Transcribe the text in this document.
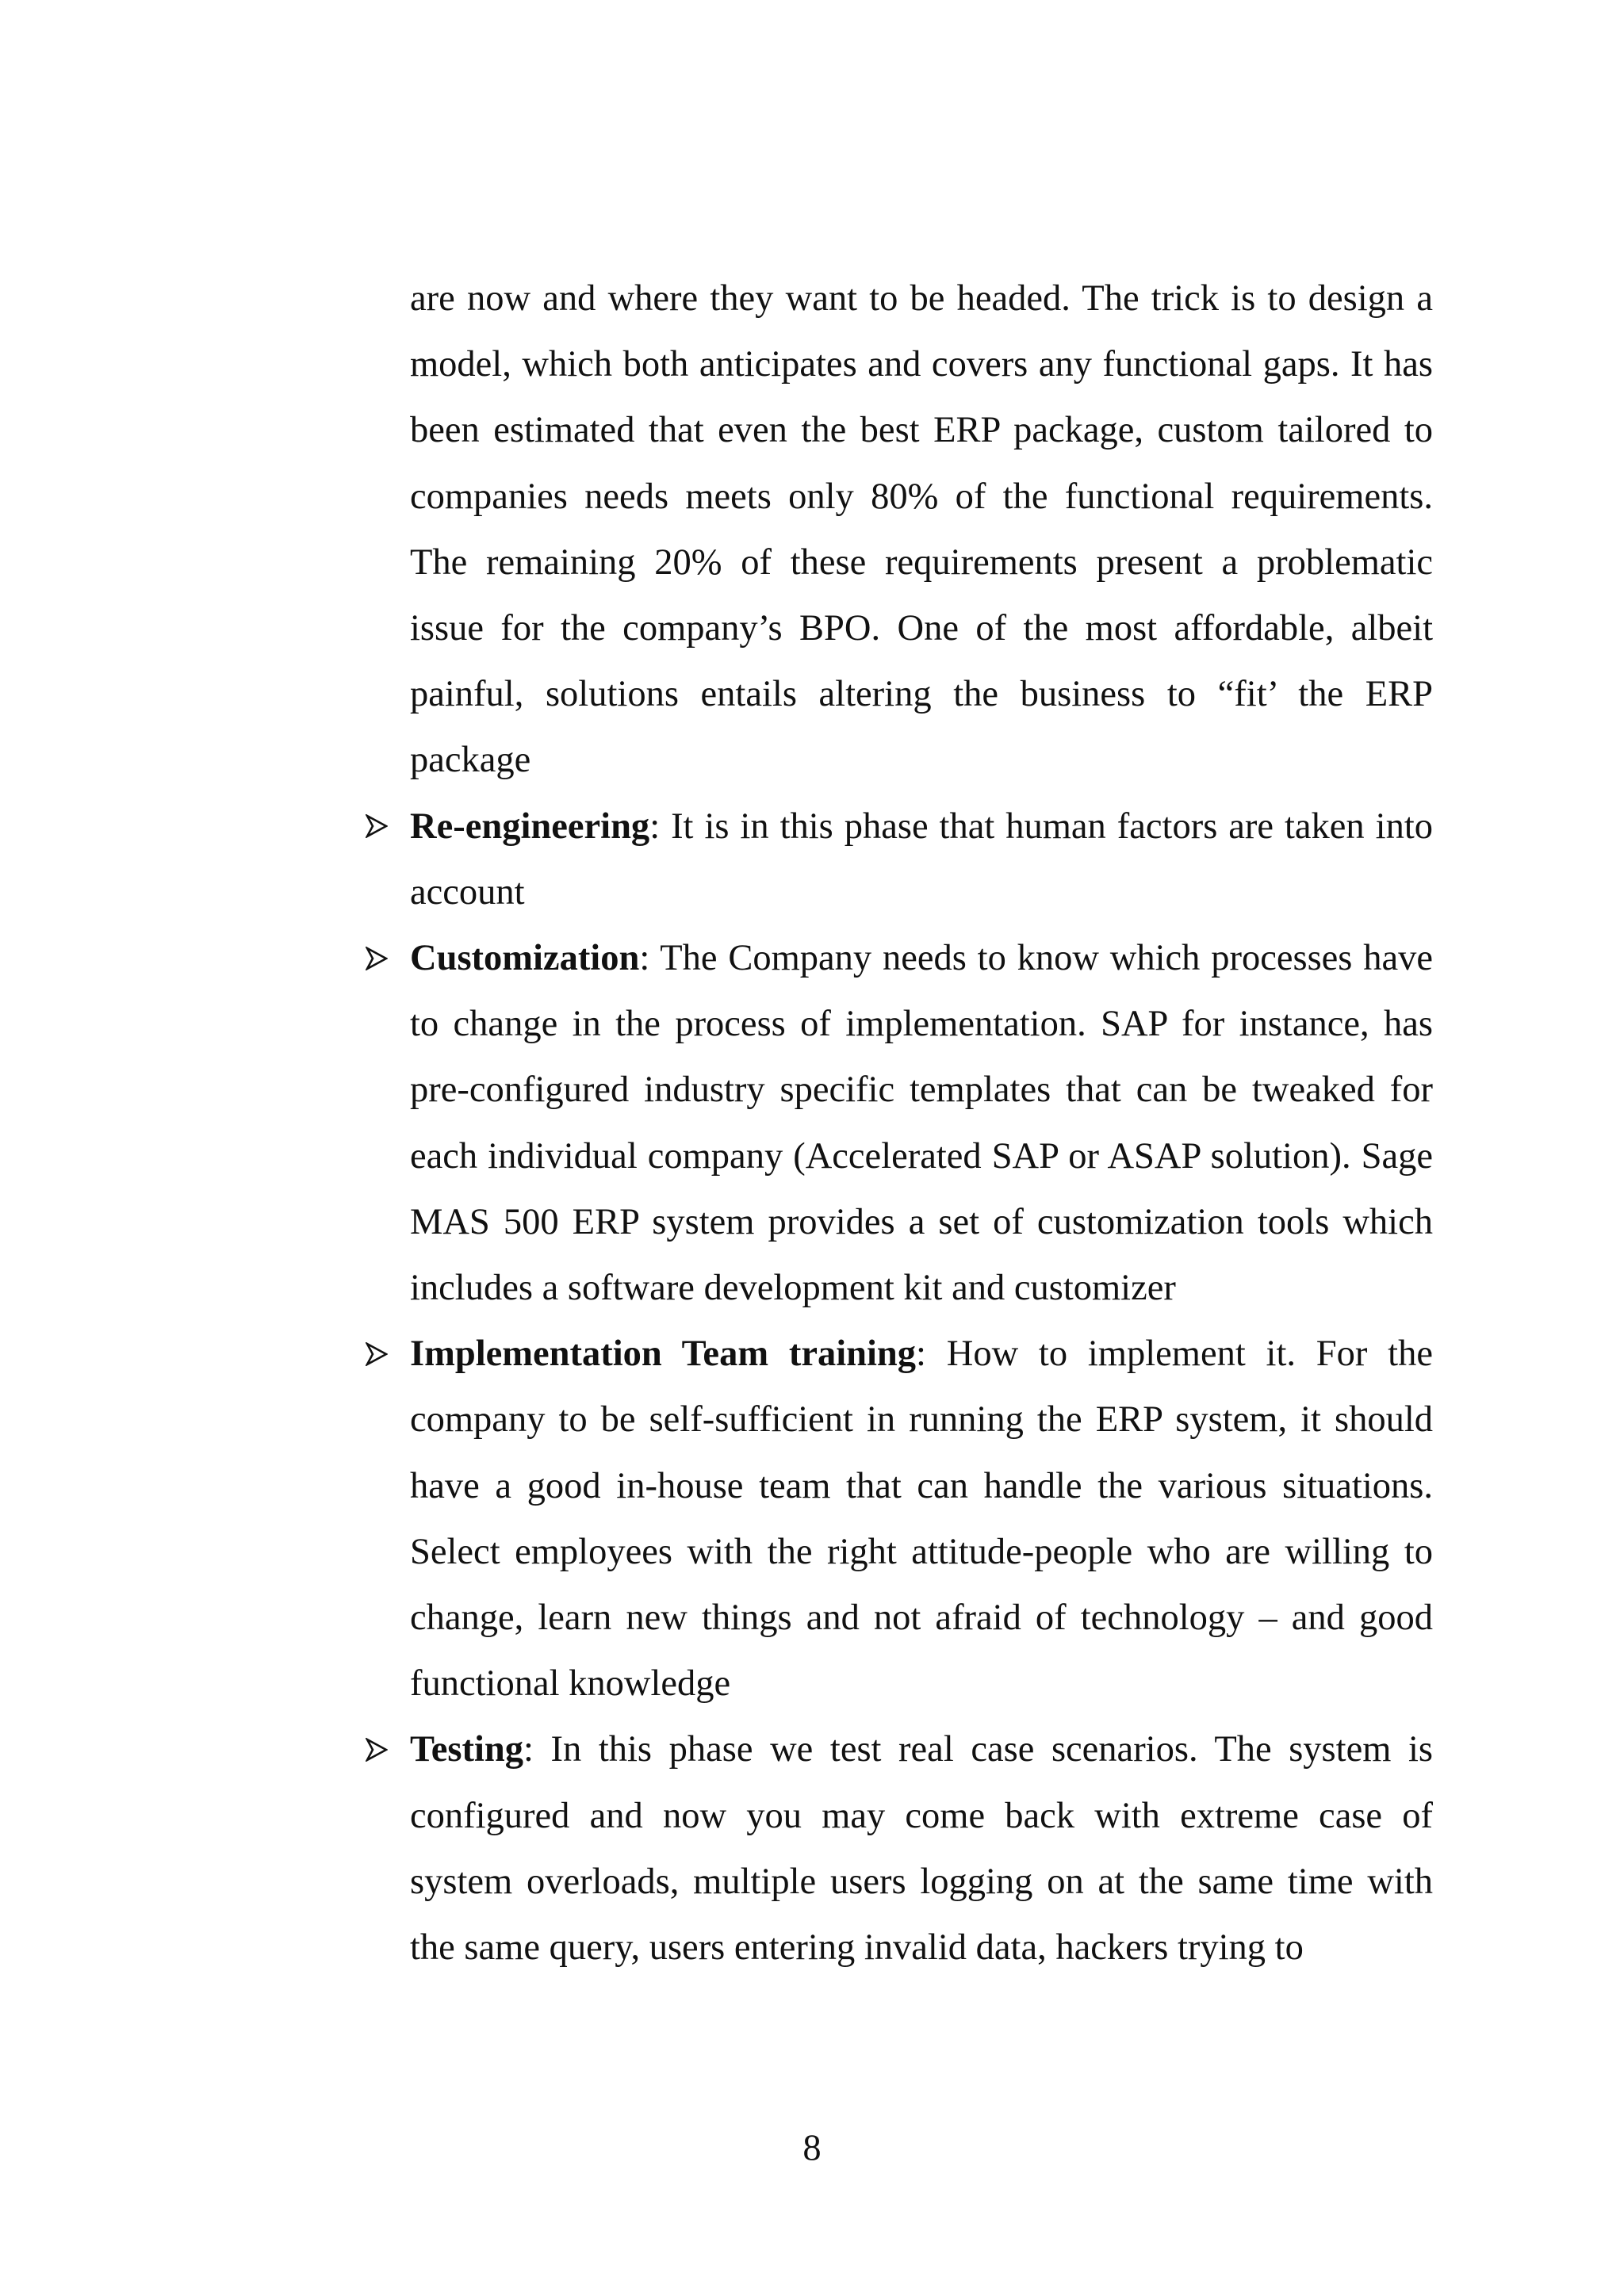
are now and where they want to be headed. The trick is to design a model, which both anticipates and covers any functional gaps. It has been estimated that even the best ERP package, custom tailored to companies needs meets only 80% of the functional requirements. The remaining 20% of these requirements present a problematic issue for the company’s BPO. One of the most affordable, albeit painful, solutions entails altering the business to “fit’ the ERP package

Re-engineering: It is in this phase that human factors are taken into account

Customization: The Company needs to know which processes have to change in the process of implementation. SAP for instance, has pre-configured industry specific templates that can be tweaked for each individual company (Accelerated SAP or ASAP solution). Sage MAS 500 ERP system provides a set of customization tools which includes a software development kit and customizer

Implementation Team training: How to implement it. For the company to be self-sufficient in running the ERP system, it should have a good in-house team that can handle the various situations. Select employees with the right attitude-people who are willing to change, learn new things and not afraid of technology – and good functional knowledge

Testing: In this phase we test real case scenarios. The system is configured and now you may come back with extreme case of system overloads, multiple users logging on at the same time with the same query, users entering invalid data, hackers trying to

8
